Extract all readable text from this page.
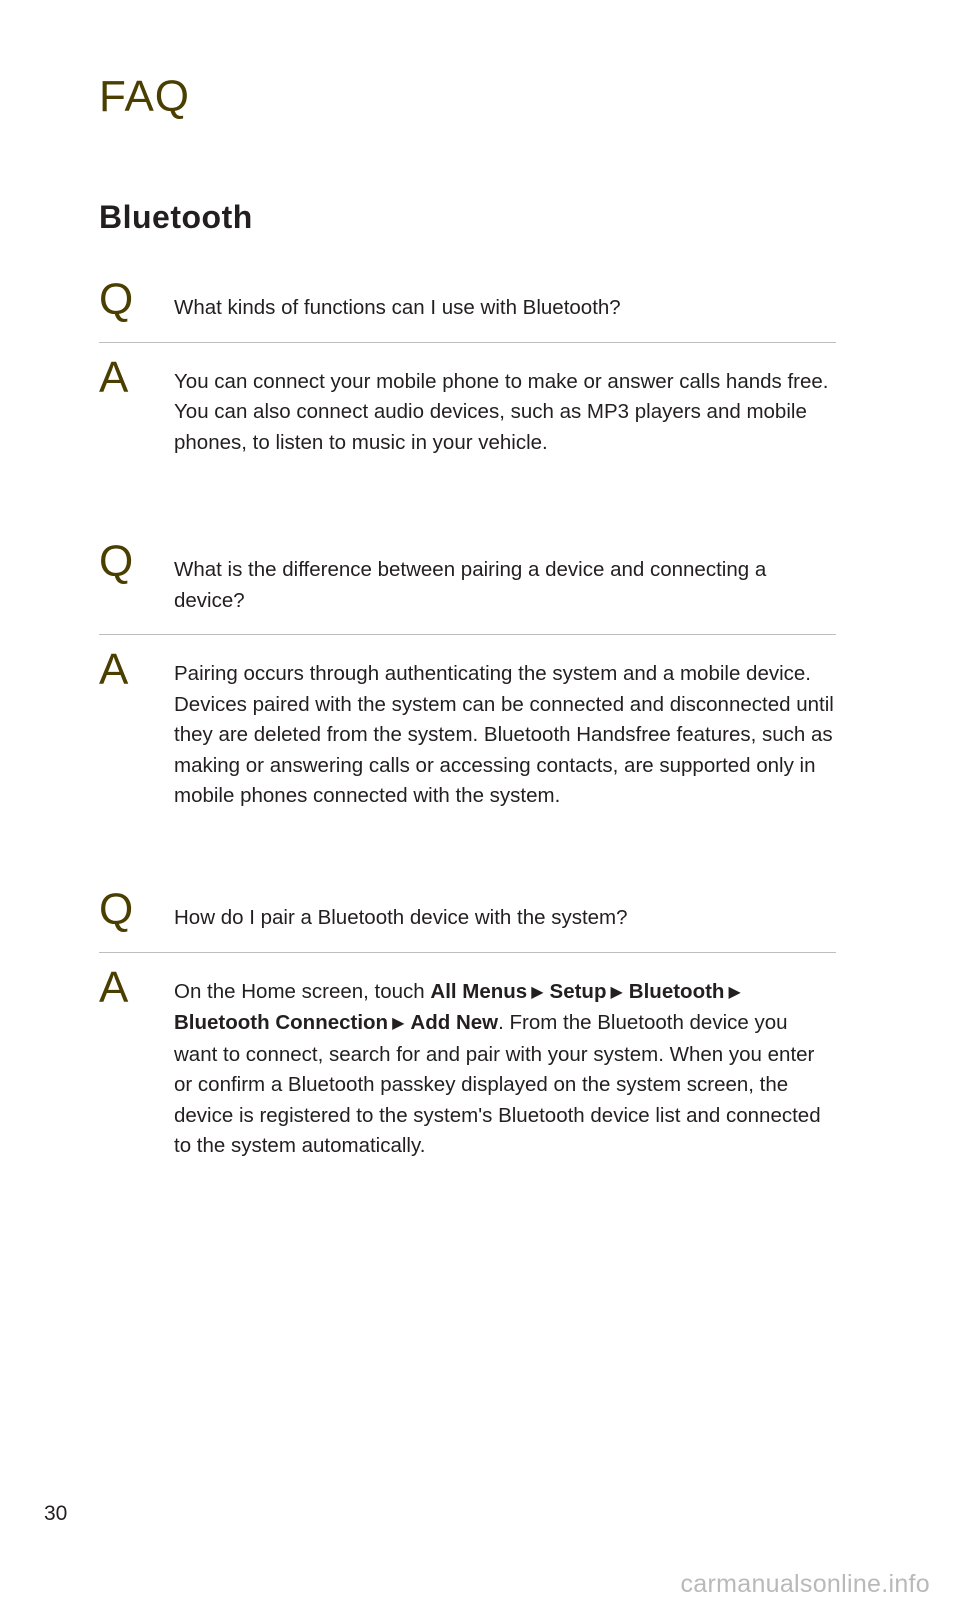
FAQ
Bluetooth
Q What kinds of functions can I use with Bluetooth?
A You can connect your mobile phone to make or answer calls hands free. You can also connect audio devices, such as MP3 players and mobile phones, to listen to music in your vehicle.
Q What is the difference between pairing a device and connecting a device?
A Pairing occurs through authenticating the system and a mobile device. Devices paired with the system can be connected and disconnected until they are deleted from the system. Bluetooth Handsfree features, such as making or answering calls or accessing contacts, are supported only in mobile phones connected with the system.
Q How do I pair a Bluetooth device with the system?
A On the Home screen, touch All Menus ▶ Setup ▶ Bluetooth ▶Bluetooth Connection ▶ Add New. From the Bluetooth device you want to connect, search for and pair with your system. When you enter or confirm a Bluetooth passkey displayed on the system screen, the device is registered to the system's Bluetooth device list and connected to the system automatically.
30
carmanualsonline.info
